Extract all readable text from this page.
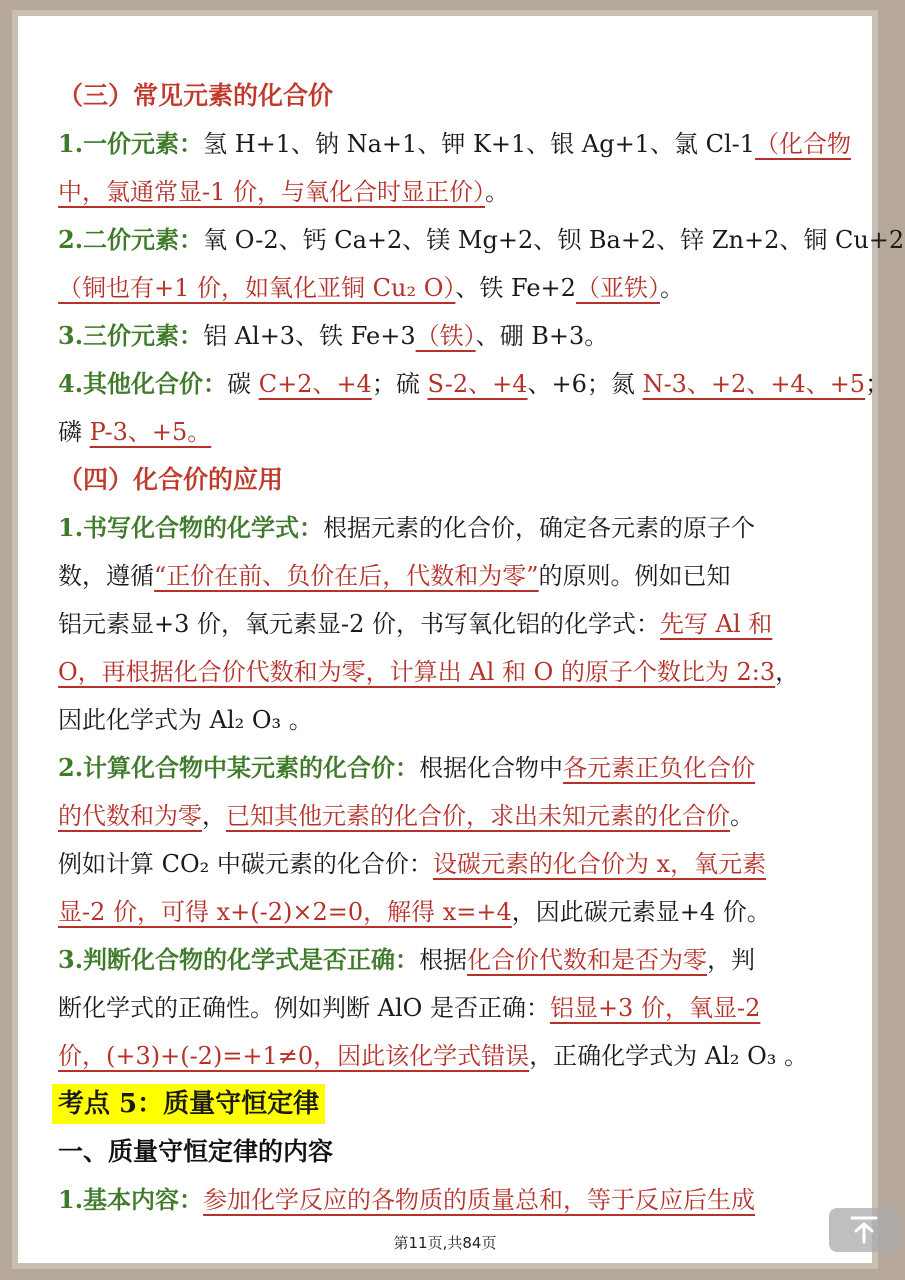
（三）常见元素的化合价
1.一价元素：氢 H+1、钠 Na+1、钾 K+1、银 Ag+1、氯 Cl-1（化合物
中，氯通常显-1 价，与氧化合时显正价）。
2.二价元素：氧 O-2、钙 Ca+2、镁 Mg+2、钡 Ba+2、锌 Zn+2、铜 Cu+2
（铜也有+1 价，如氧化亚铜 Cu₂ O）、铁 Fe+2（亚铁）。
3.三价元素：铝 Al+3、铁 Fe+3（铁）、硼 B+3。
4.其他化合价：碳 C+2、+4；硫 S-2、+4、+6；氮 N-3、+2、+4、+5；
磷 P-3、+5。
（四）化合价的应用
1.书写化合物的化学式：根据元素的化合价，确定各元素的原子个
数，遵循“正价在前、负价在后，代数和为零”的原则。例如已知
铝元素显+3 价，氧元素显-2 价，书写氧化铝的化学式：先写 Al 和
O，再根据化合价代数和为零，计算出 Al 和 O 的原子个数比为 2:3，
因此化学式为 Al₂ O₃ 。
2.计算化合物中某元素的化合价：根据化合物中各元素正负化合价
的代数和为零，已知其他元素的化合价，求出未知元素的化合价。
例如计算 CO₂ 中碳元素的化合价：设碳元素的化合价为 x，氧元素
显-2 价，可得 x+(-2)×2=0，解得 x=+4，因此碳元素显+4 价。
3.判断化合物的化学式是否正确：根据化合价代数和是否为零，判
断化学式的正确性。例如判断 AlO 是否正确：铝显+3 价，氧显-2
价，(+3)+(-2)=+1≠0，因此该化学式错误，正确化学式为 Al₂ O₃ 。
考点 5：质量守恒定律
一、质量守恒定律的内容
1.基本内容：参加化学反应的各物质的质量总和，等于反应后生成
第11页,共84页
